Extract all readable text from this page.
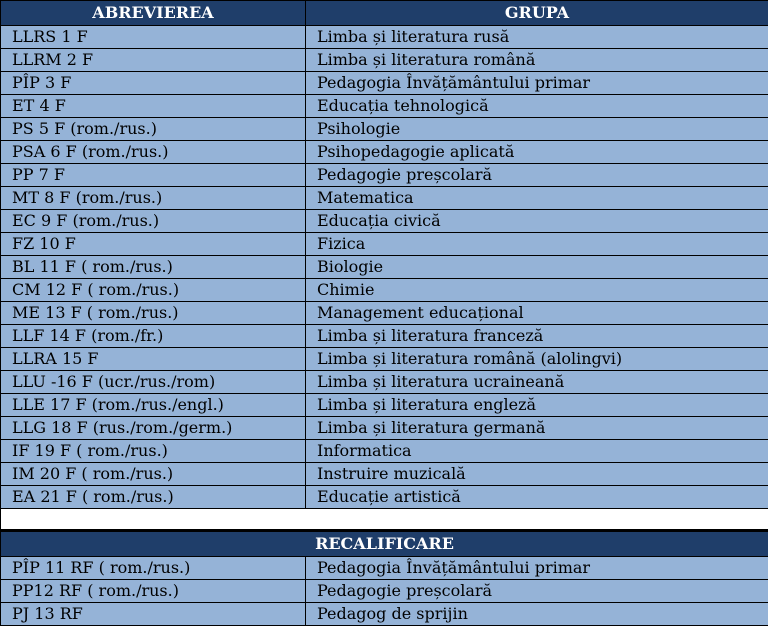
ABREVIEREA	GRUPA
LLRS 1 F	Limba și literatura rusă
LLRM 2 F	Limba și literatura română
PÎP 3 F	Pedagogia Învățământului primar
ET 4 F	Educația tehnologică
PS 5 F (rom./rus.)	Psihologie
PSA 6 F (rom./rus.)	Psihopedagogie aplicată
PP 7 F	Pedagogie preșcolară
MT 8 F (rom./rus.)	Matematica
EC 9 F (rom./rus.)	Educația civică
FZ 10 F	Fizica
BL 11 F ( rom./rus.)	Biologie
CM 12 F ( rom./rus.)	Chimie
ME 13 F ( rom./rus.)	Management educațional
LLF 14 F (rom./fr.)	Limba și literatura franceză
LLRA 15 F	Limba și literatura română (alolingvi)
LLU -16 F (ucr./rus./rom)	Limba și literatura ucraineană
LLE 17 F (rom./rus./engl.)	Limba și literatura engleză
LLG 18 F (rus./rom./germ.)	Limba și literatura germană
IF 19 F ( rom./rus.)	Informatica
IM 20 F ( rom./rus.)	Instruire muzicală
EA 21 F ( rom./rus.)	Educație artistică

RECALIFICARE	
PÎP 11 RF ( rom./rus.)	Pedagogia Învățământului primar
PP12 RF ( rom./rus.)	Pedagogie preșcolară
PJ 13 RF	Pedagog de sprijin
